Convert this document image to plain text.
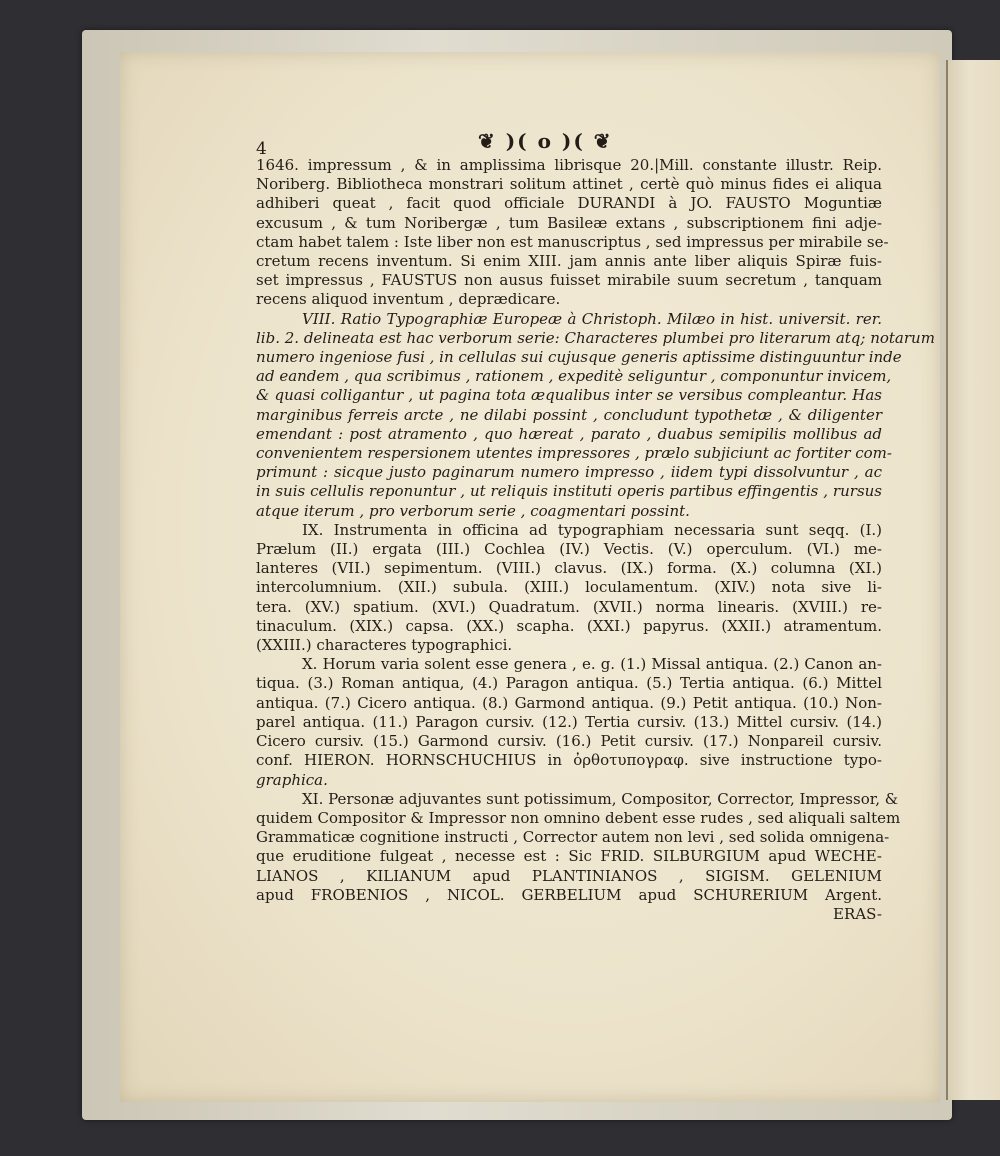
4	❦ )( o )( ❦
1646. impressum , & in amplissima librisque 20.|Mill. constante illustr. Reip.
Noriberg. Bibliotheca monstrari solitum attinet , certè quò minus fides ei aliqua
adhiberi queat , facit quod officiale DURANDI à JO. FAUSTO Moguntiæ
excusum , & tum Noribergæ , tum Basileæ extans , subscriptionem fini adje-
ctam habet talem : Iste liber non est manuscriptus , sed impressus per mirabile se-
cretum recens inventum. Si enim XIII. jam annis ante liber aliquis Spiræ fuis-
set impressus , FAUSTUS non ausus fuisset mirabile suum secretum , tanquam
recens aliquod inventum , deprædicare.
VIII. Ratio Typographiæ Europeæ à Christoph. Milæo in hist. universit. rer.
lib. 2. delineata est hac verborum serie: Characteres plumbei pro literarum atq; notarum
numero ingeniose fusi , in cellulas sui cujusque generis aptissime distinguuntur inde
ad eandem , qua scribimus , rationem , expeditè seliguntur , componuntur invicem,
& quasi colligantur , ut pagina tota æqualibus inter se versibus compleantur. Has
marginibus ferreis arcte , ne dilabi possint , concludunt typothetæ , & diligenter
emendant : post atramento , quo hæreat , parato , duabus semipilis mollibus ad
convenientem respersionem utentes impressores , prælo subjiciunt ac fortiter com-
primunt : sicque justo paginarum numero impresso , iidem typi dissolvuntur , ac
in suis cellulis reponuntur , ut reliquis instituti operis partibus effingentis , rursus
atque iterum , pro verborum serie , coagmentari possint.
IX. Instrumenta in officina ad typographiam necessaria sunt seqq. (I.)
Prælum (II.) ergata (III.) Cochlea (IV.) Vectis. (V.) operculum. (VI.) me-
lanteres (VII.) sepimentum. (VIII.) clavus. (IX.) forma. (X.) columna (XI.)
intercolumnium. (XII.) subula. (XIII.) loculamentum. (XIV.) nota sive li-
tera. (XV.) spatium. (XVI.) Quadratum. (XVII.) norma linearis. (XVIII.) re-
tinaculum. (XIX.) capsa. (XX.) scapha. (XXI.) papyrus. (XXII.) atramentum.
(XXIII.) characteres typographici.
X. Horum varia solent esse genera , e. g. (1.) Missal antiqua. (2.) Canon an-
tiqua. (3.) Roman antiqua, (4.) Paragon antiqua. (5.) Tertia antiqua. (6.) Mittel
antiqua. (7.) Cicero antiqua. (8.) Garmond antiqua. (9.) Petit antiqua. (10.) Non-
parel antiqua. (11.) Paragon cursiv. (12.) Tertia cursiv. (13.) Mittel cursiv. (14.)
Cicero cursiv. (15.) Garmond cursiv. (16.) Petit cursiv. (17.) Nonpareil cursiv.
conf. HIERON. HORNSCHUCHIUS in ὀρθοτυπογραφ. sive instructione typo-
graphica.
XI. Personæ adjuvantes sunt potissimum, Compositor, Corrector, Impressor, &
quidem Compositor & Impressor non omnino debent esse rudes , sed aliquali saltem
Grammaticæ cognitione instructi , Corrector autem non levi , sed solida omnigena-
que eruditione fulgeat , necesse est : Sic FRID. SILBURGIUM apud WECHE-
LIANOS , KILIANUM apud PLANTINIANOS , SIGISM. GELENIUM
apud FROBENIOS , NICOL. GERBELIUM apud SCHURERIUM Argent.
ERAS-
